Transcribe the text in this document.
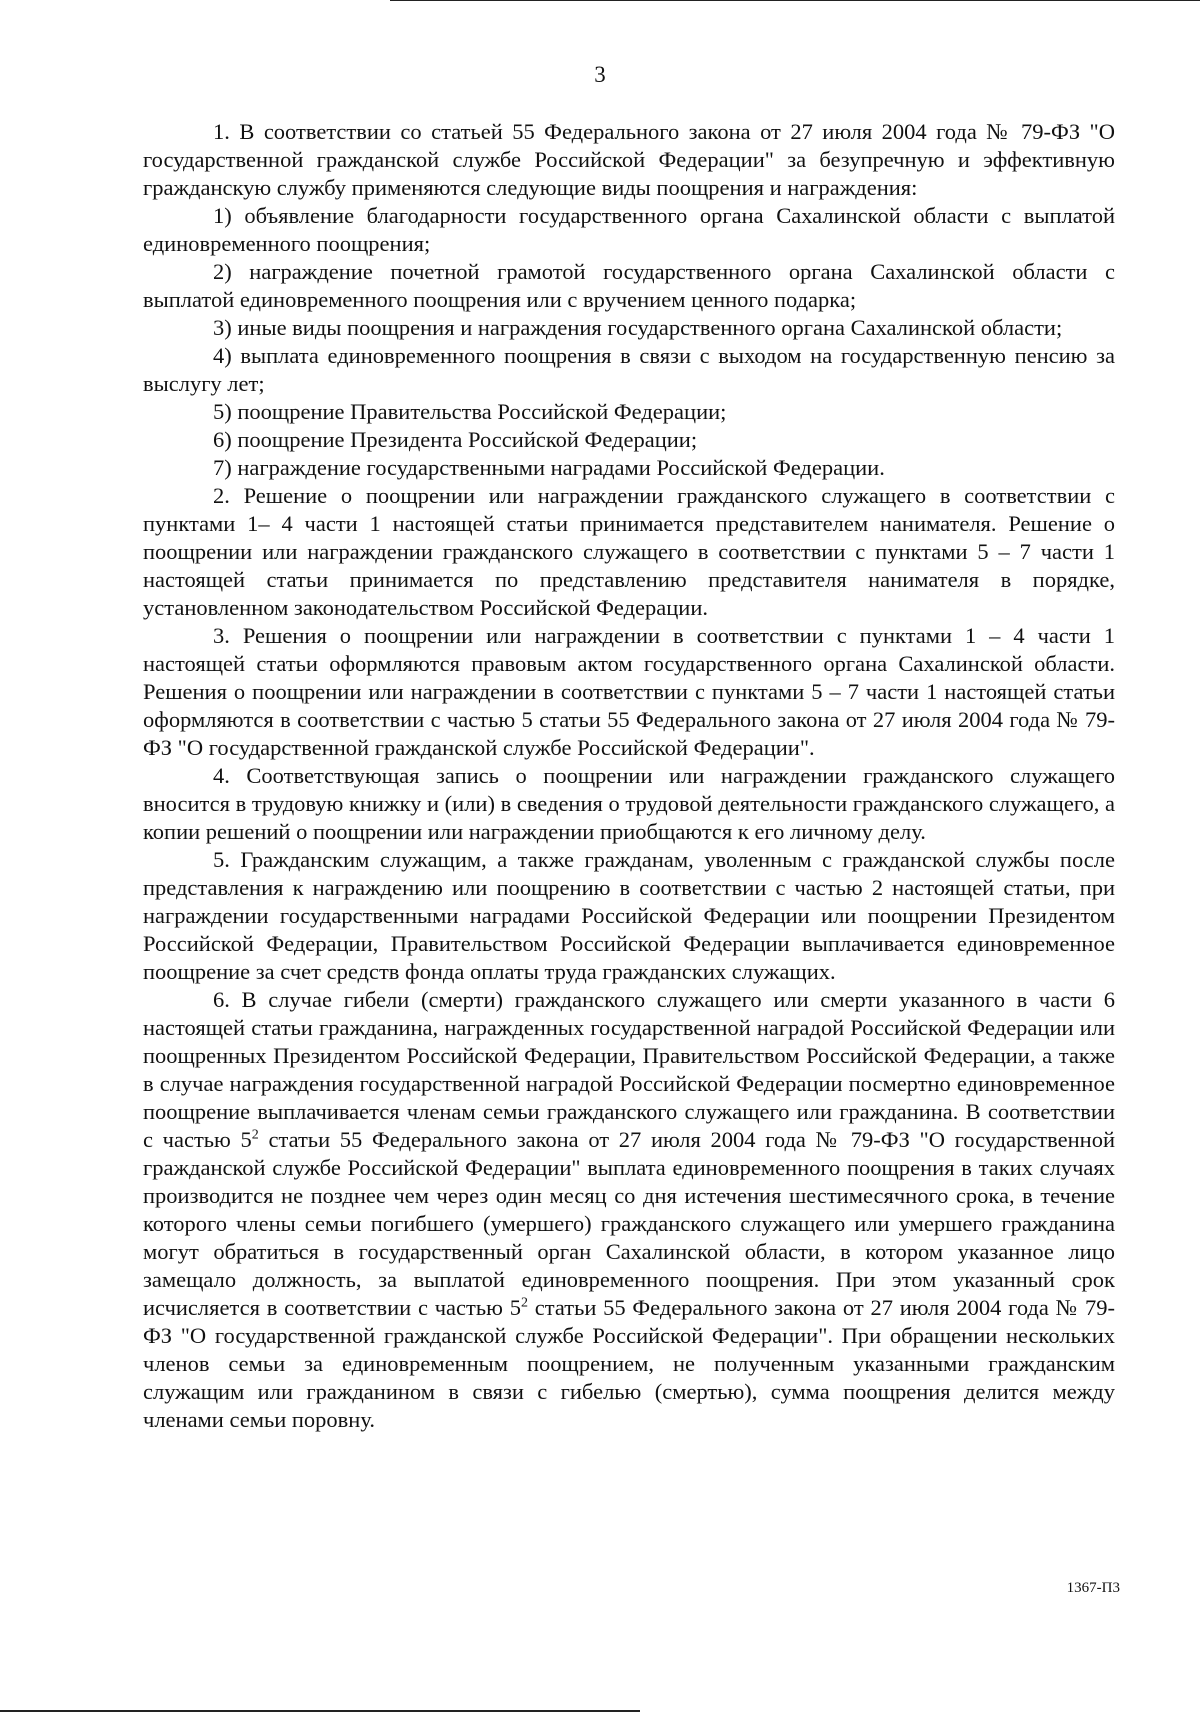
3

1. В соответствии со статьей 55 Федерального закона от 27 июля 2004 года № 79-ФЗ "О государственной гражданской службе Российской Федерации" за безупречную и эффективную гражданскую службу применяются следующие виды поощрения и награждения:

1) объявление благодарности государственного органа Сахалинской области с выплатой единовременного поощрения;

2) награждение почетной грамотой государственного органа Сахалинской области с выплатой единовременного поощрения или с вручением ценного подарка;

3) иные виды поощрения и награждения государственного органа Сахалинской области;

4) выплата единовременного поощрения в связи с выходом на государственную пенсию за выслугу лет;

5) поощрение Правительства Российской Федерации;

6) поощрение Президента Российской Федерации;

7) награждение государственными наградами Российской Федерации.

2. Решение о поощрении или награждении гражданского служащего в соответствии с пунктами 1– 4 части 1 настоящей статьи принимается представителем нанимателя. Решение о поощрении или награждении гражданского служащего в соответствии с пунктами 5 – 7 части 1 настоящей статьи принимается по представлению представителя нанимателя в порядке, установленном законодательством Российской Федерации.

3. Решения о поощрении или награждении в соответствии с пунктами 1 – 4 части 1 настоящей статьи оформляются правовым актом государственного органа Сахалинской области. Решения о поощрении или награждении в соответствии с пунктами 5 – 7 части 1 настоящей статьи оформляются в соответствии с частью 5 статьи 55 Федерального закона от 27 июля 2004 года № 79-ФЗ "О государственной гражданской службе Российской Федерации".

4. Соответствующая запись о поощрении или награждении гражданского служащего вносится в трудовую книжку и (или) в сведения о трудовой деятельности гражданского служащего, а копии решений о поощрении или награждении приобщаются к его личному делу.

5. Гражданским служащим, а также гражданам, уволенным с гражданской службы после представления к награждению или поощрению в соответствии с частью 2 настоящей статьи, при награждении государственными наградами Российской Федерации или поощрении Президентом Российской Федерации, Правительством Российской Федерации выплачивается единовременное поощрение за счет средств фонда оплаты труда гражданских служащих.

6. В случае гибели (смерти) гражданского служащего или смерти указанного в части 6 настоящей статьи гражданина, награжденных государственной наградой Российской Федерации или поощренных Президентом Российской Федерации, Правительством Российской Федерации, а также в случае награждения государственной наградой Российской Федерации посмертно единовременное поощрение выплачивается членам семьи гражданского служащего или гражданина. В соответствии с частью $5^2$ статьи 55 Федерального закона от 27 июля 2004 года № 79-ФЗ "О государственной гражданской службе Российской Федерации" выплата единовременного поощрения в таких случаях производится не позднее чем через один месяц со дня истечения шестимесячного срока, в течение которого члены семьи погибшего (умершего) гражданского служащего или умершего гражданина могут обратиться в государственный орган Сахалинской области, в котором указанное лицо замещало должность, за выплатой единовременного поощрения. При этом указанный срок исчисляется в соответствии с частью $5^2$ статьи 55 Федерального закона от 27 июля 2004 года № 79-ФЗ "О государственной гражданской службе Российской Федерации". При обращении нескольких членов семьи за единовременным поощрением, не полученным указанными гражданским служащим или гражданином в связи с гибелью (смертью), сумма поощрения делится между членами семьи поровну.

1367-П3
